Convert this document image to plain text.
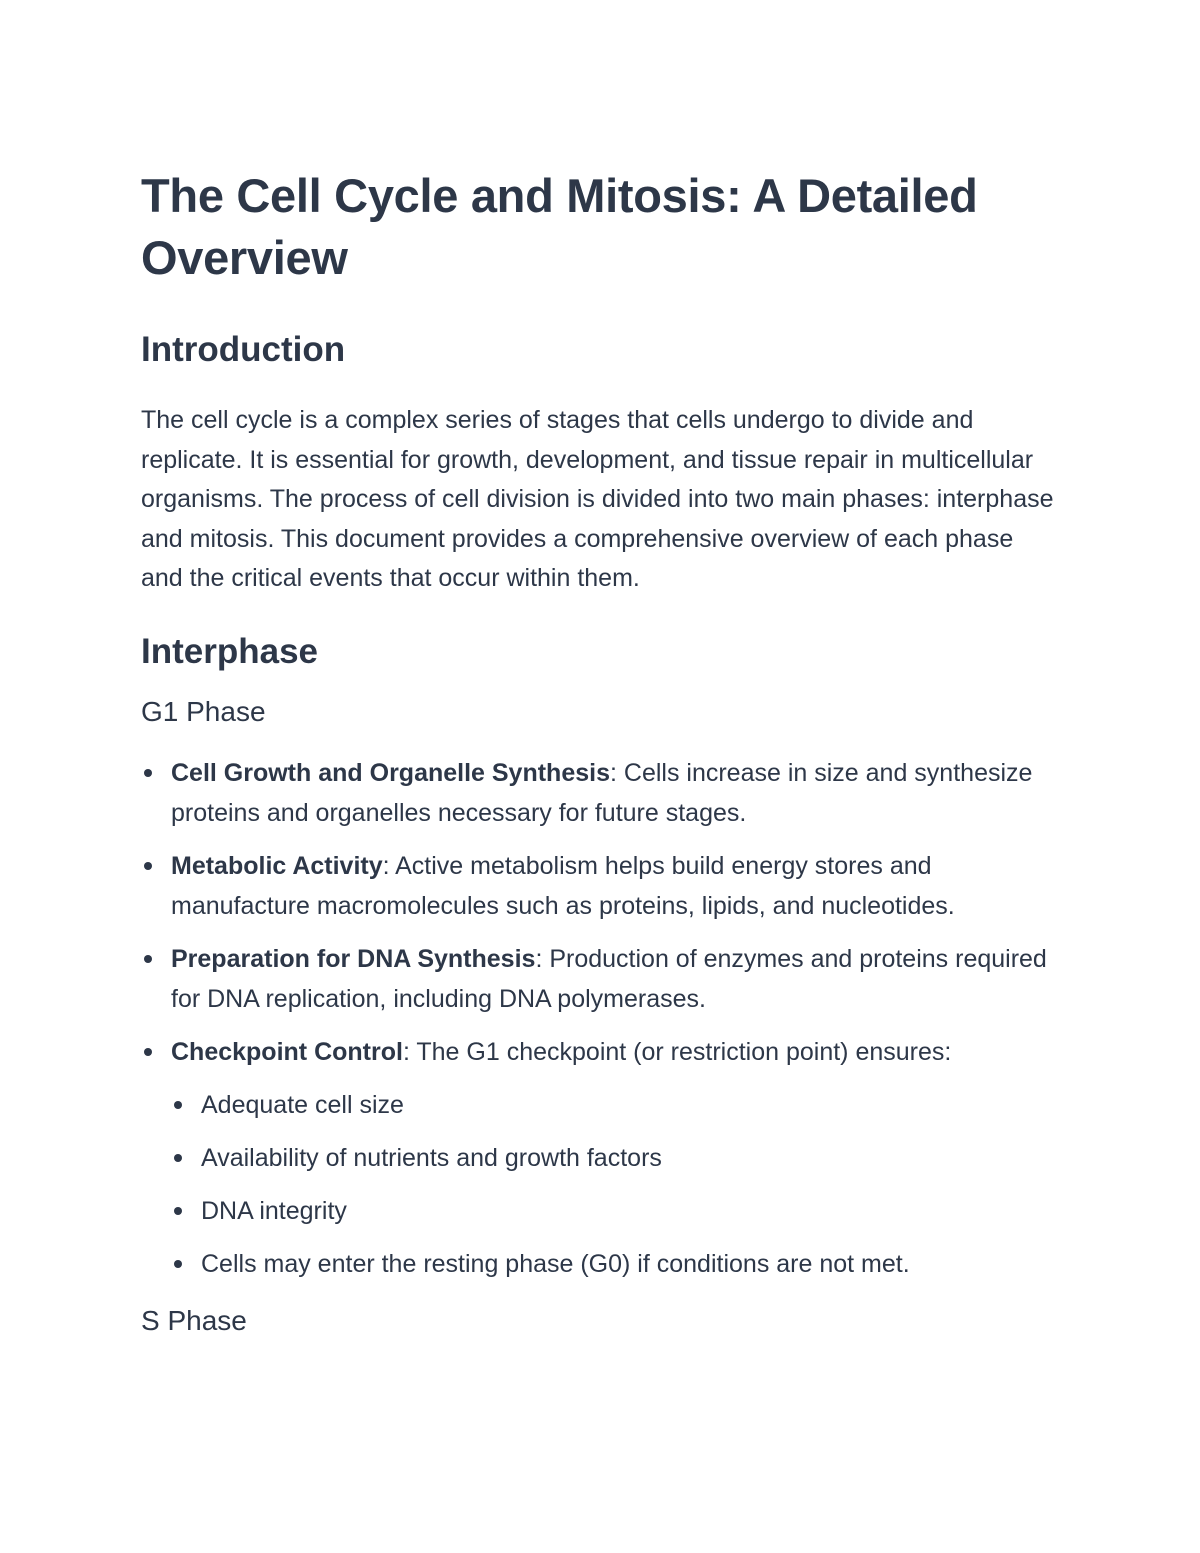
The Cell Cycle and Mitosis: A Detailed Overview
Introduction

The cell cycle is a complex series of stages that cells undergo to divide and replicate. It is essential for growth, development, and tissue repair in multicellular organisms. The process of cell division is divided into two main phases: interphase and mitosis. This document provides a comprehensive overview of each phase and the critical events that occur within them.

Interphase
G1 Phase
Cell Growth and Organelle Synthesis: Cells increase in size and synthesize proteins and organelles necessary for future stages.
Metabolic Activity: Active metabolism helps build energy stores and manufacture macromolecules such as proteins, lipids, and nucleotides.
Preparation for DNA Synthesis: Production of enzymes and proteins required for DNA replication, including DNA polymerases.
Checkpoint Control: The G1 checkpoint (or restriction point) ensures:
Adequate cell size
Availability of nutrients and growth factors
DNA integrity
Cells may enter the resting phase (G0) if conditions are not met.
S Phase
